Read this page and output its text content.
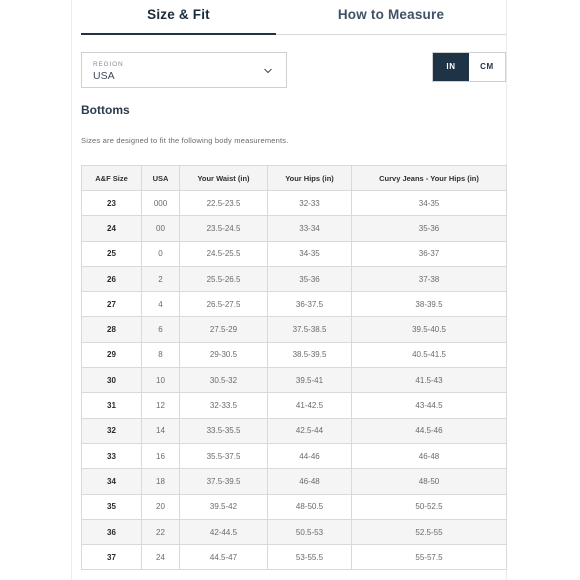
Size & Fit	How to Measure
REGION
USA
IN	CM
Bottoms
Sizes are designed to fit the following body measurements.
A&F Size	USA	Your Waist (in)	Your Hips (in)	Curvy Jeans - Your Hips (in)
23	000	22.5-23.5	32-33	34-35
24	00	23.5-24.5	33-34	35-36
25	0	24.5-25.5	34-35	36-37
26	2	25.5-26.5	35-36	37-38
27	4	26.5-27.5	36-37.5	38-39.5
28	6	27.5-29	37.5-38.5	39.5-40.5
29	8	29-30.5	38.5-39.5	40.5-41.5
30	10	30.5-32	39.5-41	41.5-43
31	12	32-33.5	41-42.5	43-44.5
32	14	33.5-35.5	42.5-44	44.5-46
33	16	35.5-37.5	44-46	46-48
34	18	37.5-39.5	46-48	48-50
35	20	39.5-42	48-50.5	50-52.5
36	22	42-44.5	50.5-53	52.5-55
37	24	44.5-47	53-55.5	55-57.5
